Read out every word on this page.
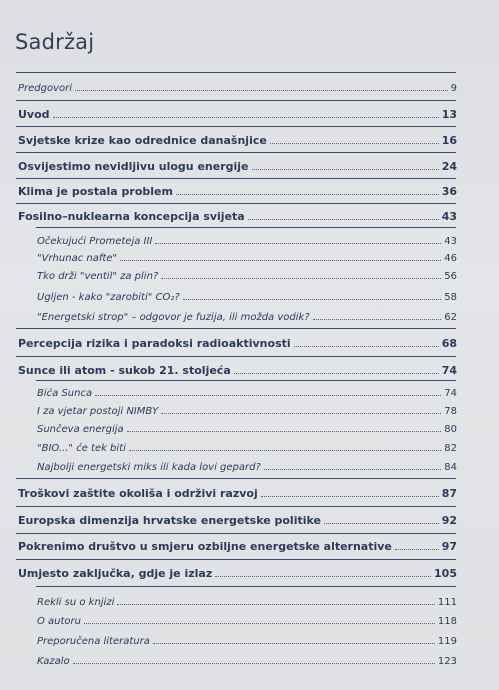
Sadržaj
Predgovori	9
Uvod	13
Svjetske krize kao odrednice današnjice	16
Osvijestimo nevidljivu ulogu energije	24
Klima je postala problem	36
Fosilno–nuklearna koncepcija svijeta	43
Očekujući Prometeja III	43
"Vrhunac nafte"	46
Tko drži "ventil" za plin?	56
Ugljen - kako "zarobiti" CO₂?	58
"Energetski strop" – odgovor je fuzija, ili možda vodik?	62
Percepcija rizika i paradoksi radioaktivnosti	68
Sunce ili atom - sukob 21. stoljeća	74
Bića Sunca	74
I za vjetar postoji NIMBY	78
Sunčeva energija	80
"BIO..." će tek biti	82
Najbolji energetski miks ili kada lovi gepard?	84
Troškovi zaštite okoliša i održivi razvoj	87
Europska dimenzija hrvatske energetske politike	92
Pokrenimo društvo u smjeru ozbiljne energetske alternative	97
Umjesto zaključka, gdje je izlaz	105
Rekli su o knjizi	111
O autoru	118
Preporučena literatura	119
Kazalo	123
